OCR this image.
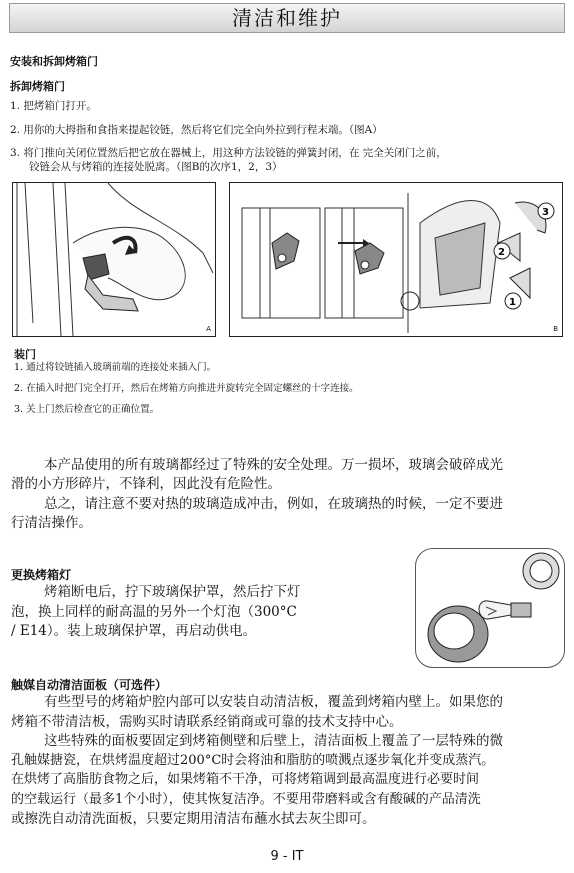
清洁和维护
安装和拆卸烤箱门
拆卸烤箱门
1. 把烤箱门打开。
2. 用你的大拇指和食指来提起铰链，然后将它们完全向外拉到行程末端。（图A）
3. 将门推向关闭位置然后把它放在器械上，用这种方法铰链的弹簧封闭，在 完全关闭门之前，
铰链会从与烤箱的连接处脱离。（图B的次序1，2，3）
A
1
2
3
B
装门
1. 通过将铰链插入玻璃前端的连接处来插入门。
2. 在插入时把门完全打开，然后在烤箱方向推进并旋转完全固定螺丝的十字连接。
3. 关上门然后检查它的正确位置。
本产品使用的所有玻璃都经过了特殊的安全处理。万一损坏，玻璃会破碎成光
滑的小方形碎片，不锋利，因此没有危险性。
总之，请注意不要对热的玻璃造成冲击，例如，在玻璃热的时候，一定不要进
行清洁操作。
更换烤箱灯
烤箱断电后，拧下玻璃保护罩，然后拧下灯
泡，换上同样的耐高温的另外一个灯泡（300°C
/ E14）。装上玻璃保护罩，再启动供电。
触媒自动清洁面板（可选件）
有些型号的烤箱炉腔内部可以安装自动清洁板，覆盖到烤箱内壁上。如果您的
烤箱不带清洁板，需购买时请联系经销商或可靠的技术支持中心。
这些特殊的面板要固定到烤箱侧壁和后壁上，清洁面板上覆盖了一层特殊的微
孔触媒搪瓷，在烘烤温度超过200°C时会将油和脂肪的喷溅点逐步氧化并变成蒸汽。
在烘烤了高脂肪食物之后，如果烤箱不干净，可将烤箱调到最高温度进行必要时间
的空载运行（最多1个小时），使其恢复洁净。不要用带磨料或含有酸碱的产品清洗
或擦洗自动清洗面板，只要定期用清洁布蘸水拭去灰尘即可。
9 - IT
